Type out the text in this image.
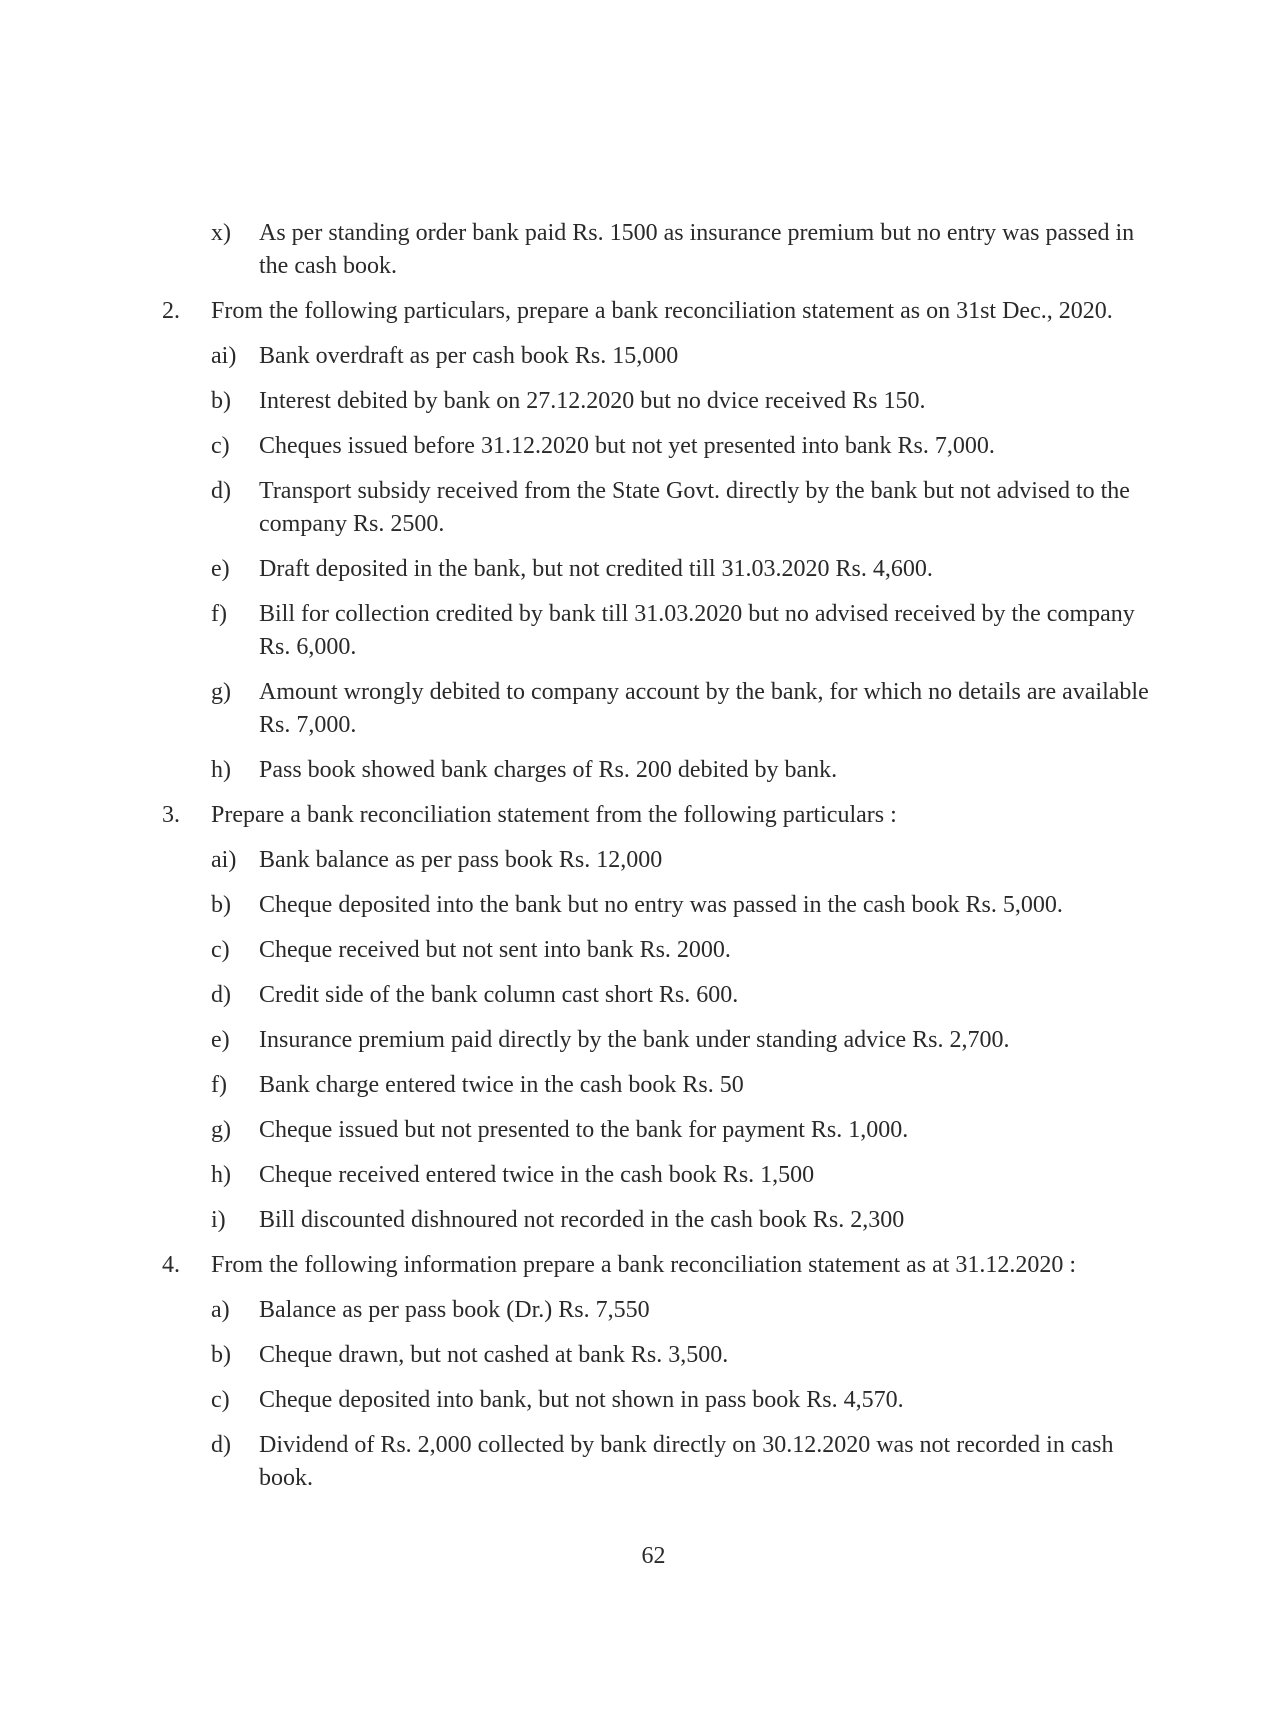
x) As per standing order bank paid Rs. 1500 as insurance premium but no entry was passed in the cash book.
2. From the following particulars, prepare a bank reconciliation statement as on 31st Dec., 2020.
ai) Bank overdraft as per cash book Rs. 15,000
b) Interest debited by bank on 27.12.2020 but no dvice received Rs 150.
c) Cheques issued before 31.12.2020 but not yet presented into bank Rs. 7,000.
d) Transport subsidy received from the State Govt. directly by the bank but not advised to the company Rs. 2500.
e) Draft deposited in the bank, but not credited till 31.03.2020 Rs. 4,600.
f) Bill for collection credited by bank till 31.03.2020 but no advised received by the company Rs. 6,000.
g) Amount wrongly debited to company account by the bank, for which no details are available Rs. 7,000.
h) Pass book showed bank charges of Rs. 200 debited by bank.
3. Prepare a bank reconciliation statement from the following particulars :
ai) Bank balance as per pass book Rs. 12,000
b) Cheque deposited into the bank but no entry was passed in the cash book Rs. 5,000.
c) Cheque received but not sent into bank Rs. 2000.
d) Credit side of the bank column cast short Rs. 600.
e) Insurance premium paid directly by the bank under standing advice Rs. 2,700.
f) Bank charge entered twice in the cash book Rs. 50
g) Cheque issued but not presented to the bank for payment Rs. 1,000.
h) Cheque received entered twice in the cash book Rs. 1,500
i) Bill discounted dishnoured not recorded in the cash book Rs. 2,300
4. From the following information prepare a bank reconciliation statement as at 31.12.2020 :
a) Balance as per pass book (Dr.) Rs. 7,550
b) Cheque drawn, but not cashed at bank Rs. 3,500.
c) Cheque deposited into bank, but not shown in pass book Rs. 4,570.
d) Dividend of Rs. 2,000 collected by bank directly on 30.12.2020 was not recorded in cash book.
62
